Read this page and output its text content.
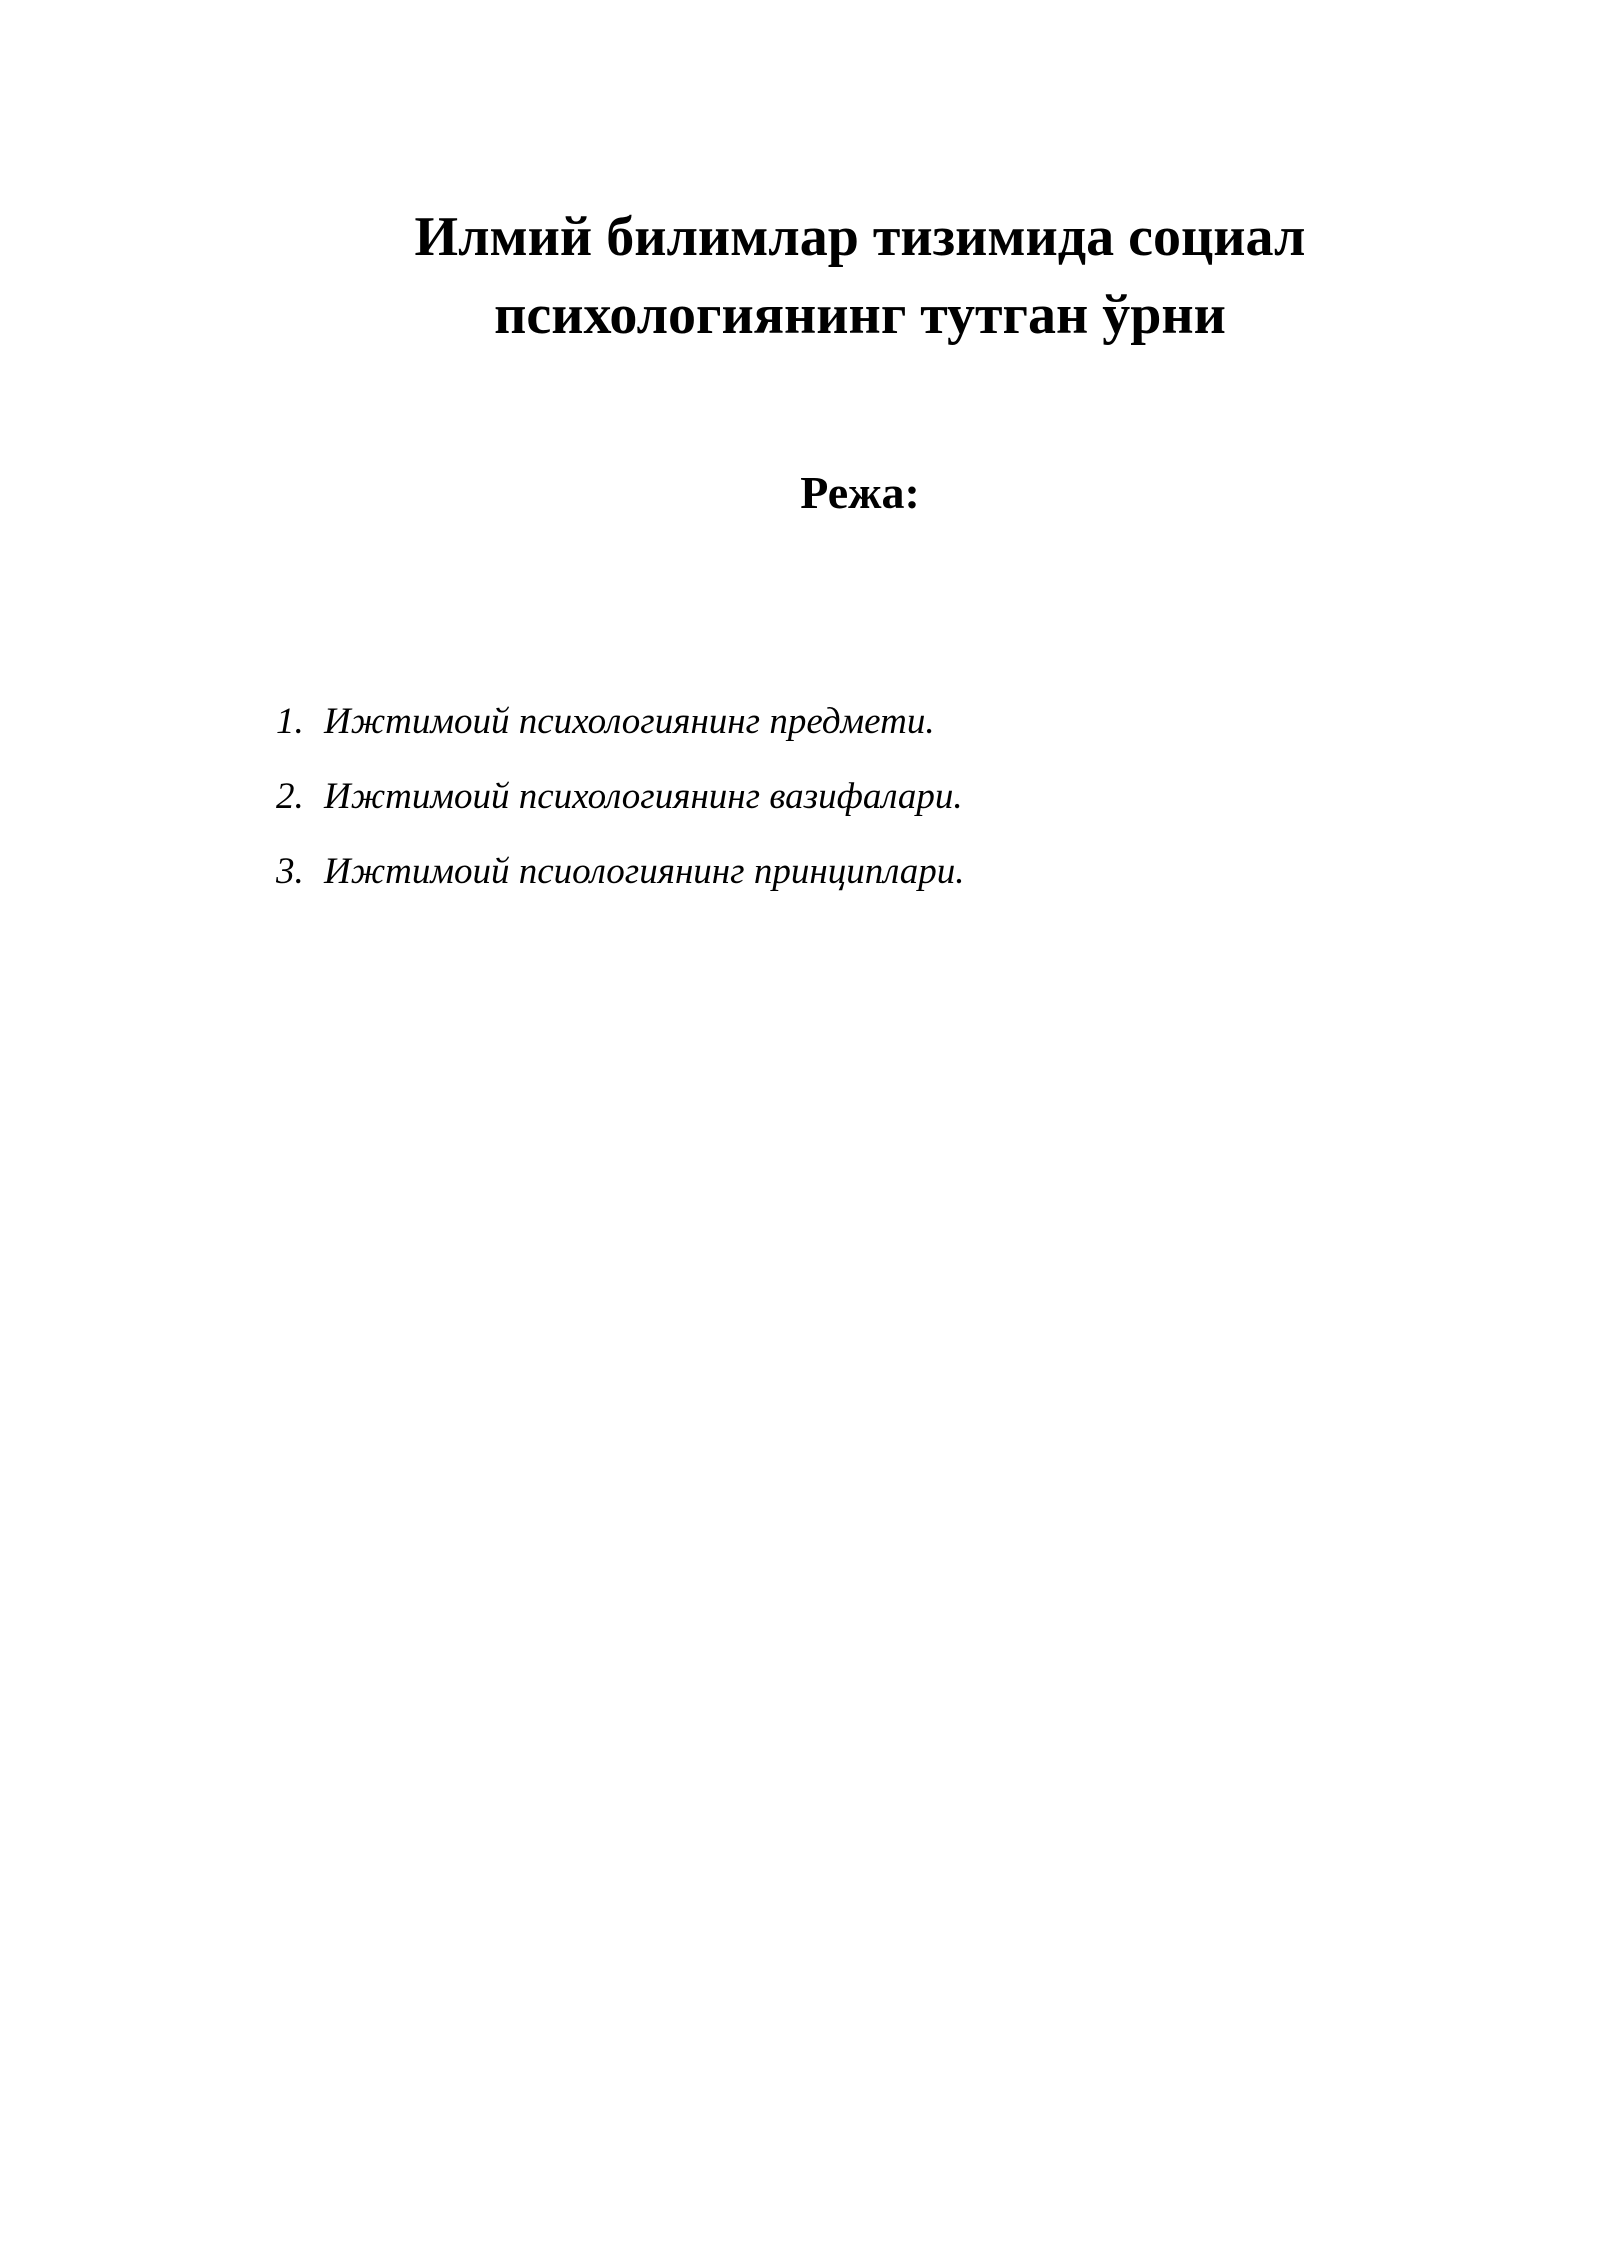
Илмий билимлар тизимида социал
психологиянинг тутган ўрни
Режа:
1. Ижтимоий психологиянинг предмети.
2. Ижтимоий психологиянинг вазифалари.
3. Ижтимоий псиологиянинг принциплари.
